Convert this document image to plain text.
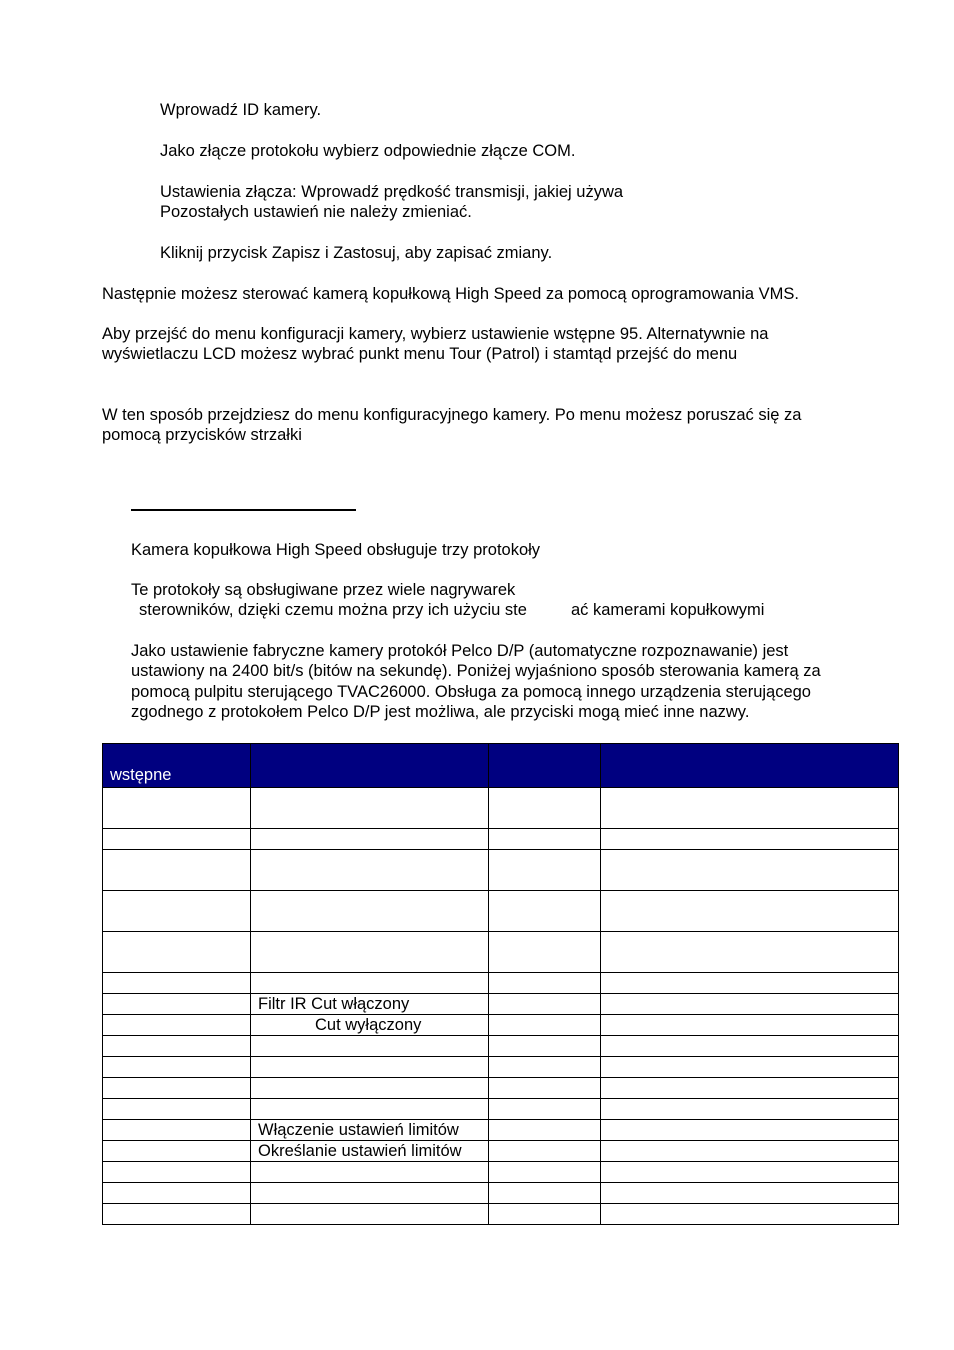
Wprowadź ID kamery.
Jako złącze protokołu wybierz odpowiednie złącze COM.
Ustawienia złącza: Wprowadź prędkość transmisji, jakiej używa
Pozostałych ustawień nie należy zmieniać.
Kliknij przycisk Zapisz i Zastosuj, aby zapisać zmiany.
Następnie możesz sterować kamerą kopułkową High Speed za pomocą oprogramowania VMS.
Aby przejść do menu konfiguracji kamery, wybierz ustawienie wstępne 95. Alternatywnie na
wyświetlaczu LCD możesz wybrać punkt menu Tour (Patrol) i stamtąd przejść do menu
W ten sposób przejdziesz do menu konfiguracyjnego kamery. Po menu możesz poruszać się za
pomocą przycisków strzałki
Kamera kopułkowa High Speed obsługuje trzy protokoły
Te protokoły są obsługiwane przez wiele nagrywarek
sterowników, dzięki czemu można przy ich użyciu ste	ać kamerami kopułkowymi
Jako ustawienie fabryczne kamery protokół Pelco D/P (automatyczne rozpoznawanie) jest
ustawiony na 2400 bit/s (bitów na sekundę). Poniżej wyjaśniono sposób sterowania kamerą za
pomocą pulpitu sterującego TVAC26000. Obsługa za pomocą innego urządzenia sterującego
zgodnego z protokołem Pelco D/P jest możliwa, ale przyciski mogą mieć inne nazwy.
wstępne			

	Filtr IR Cut włączony		
	Cut wyłączony		

	Włączenie ustawień limitów		
	Określanie ustawień limitów		
